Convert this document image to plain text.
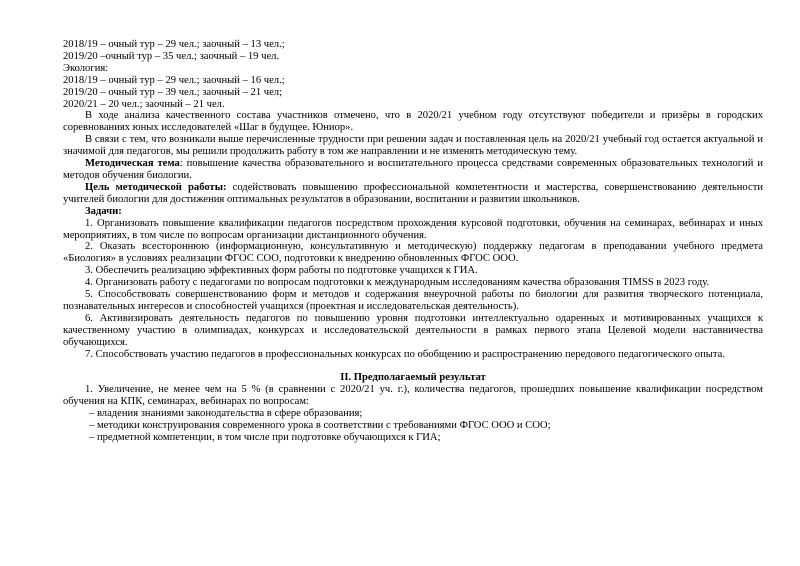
2018/19 – очный тур – 29 чел.; заочный – 13 чел.;
2019/20 –очный тур – 35 чел.; заочный – 19 чел.
Экология:
2018/19 – очный тур – 29 чел.; заочный – 16 чел.;
2019/20 – очный тур – 39 чел.; заочный – 21 чел;
2020/21 – 20 чел.; заочный – 21 чел.
В ходе анализа качественного состава участников отмечено, что в 2020/21 учебном году отсутствуют победители и призёры в городских соревнованиях юных исследователей «Шаг в будущее. Юниор».
В связи с тем, что возникали выше перечисленные трудности при решении задач и поставленная цель на 2020/21 учебный год остается актуальной и значимой для педагогов, мы решили продолжить работу в том же направлении и не изменять методическую тему.
Методическая тема: повышение качества образовательного и воспитательного процесса средствами современных образовательных технологий и методов обучения биологии.
Цель методической работы: содействовать повышению профессиональной компетентности и мастерства, совершенствованию деятельности учителей биологии для достижения оптимальных результатов в образовании, воспитании и развитии школьников.
Задачи:
1. Организовать повышение квалификации педагогов посредством прохождения курсовой подготовки, обучения на семинарах, вебинарах и иных мероприятиях, в том числе по вопросам организации дистанционного обучения.
2. Оказать всестороннюю (информационную, консультативную и методическую) поддержку педагогам в преподавании учебного предмета «Биология» в условиях реализации ФГОС СОО, подготовки к внедрению обновленных ФГОС ООО.
3. Обеспечить реализацию эффективных форм работы по подготовке учащихся к ГИА.
4. Организовать работу с педагогами по вопросам подготовки к международным исследованиям качества образования TIMSS в 2023 году.
5. Способствовать совершенствованию форм и методов и содержания внеурочной работы по биологии для развития творческого потенциала, познавательных интересов и способностей учащихся (проектная и исследовательская деятельность).
6. Активизировать деятельность педагогов по повышению уровня подготовки интеллектуально одаренных и мотивированных учащихся к качественному участию в олимпиадах, конкурсах и исследовательской деятельности в рамках первого этапа Целевой модели наставничества обучающихся.
7. Способствовать участию педагогов в профессиональных конкурсах по обобщению и распространению передового педагогического опыта.
II. Предполагаемый результат
1. Увеличение, не менее чем на 5 % (в сравнении с 2020/21 уч. г.), количества педагогов, прошедших повышение квалификации посредством обучения на КПК, семинарах, вебинарах по вопросам:
– владения знаниями законодательства в сфере образования;
– методики конструирования современного урока в соответствии с требованиями ФГОС ООО и СОО;
– предметной компетенции, в том числе при подготовке обучающихся к ГИА;
